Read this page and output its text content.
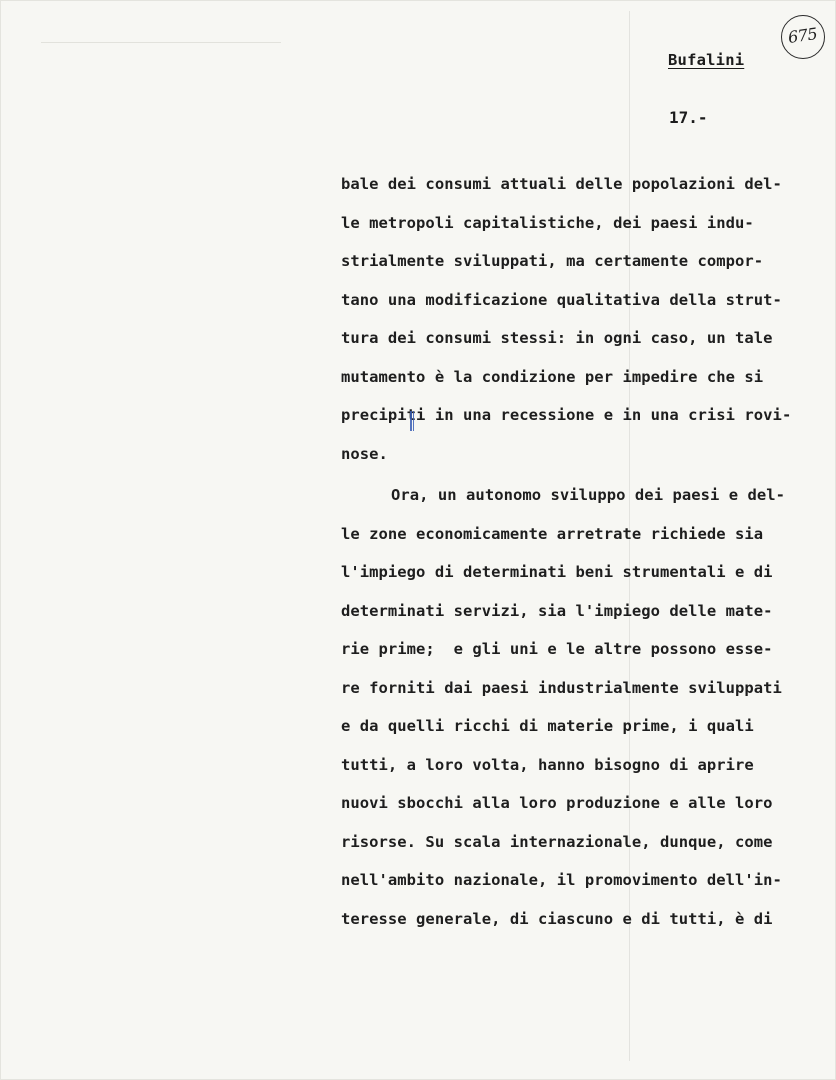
Bufalini
17.-
675
bale dei consumi attuali delle popolazioni del-
le metropoli capitalistiche, dei paesi indu-
strialmente sviluppati, ma certamente compor-
tano una modificazione qualitativa della strut-
tura dei consumi stessi: in ogni caso, un tale
mutamento è la condizione per impedire che si
precipiti in una recessione e in una crisi rovi-
nose.
Ora, un autonomo sviluppo dei paesi e del-
le zone economicamente arretrate richiede sia
l'impiego di determinati beni strumentali e di
determinati servizi, sia l'impiego delle mate-
rie prime;  e gli uni e le altre possono esse-
re forniti dai paesi industrialmente sviluppati
e da quelli ricchi di materie prime, i quali
tutti, a loro volta, hanno bisogno di aprire
nuovi sbocchi alla loro produzione e alle loro
risorse. Su scala internazionale, dunque, come
nell'ambito nazionale, il promovimento dell'in-
teresse generale, di ciascuno e di tutti, è di
